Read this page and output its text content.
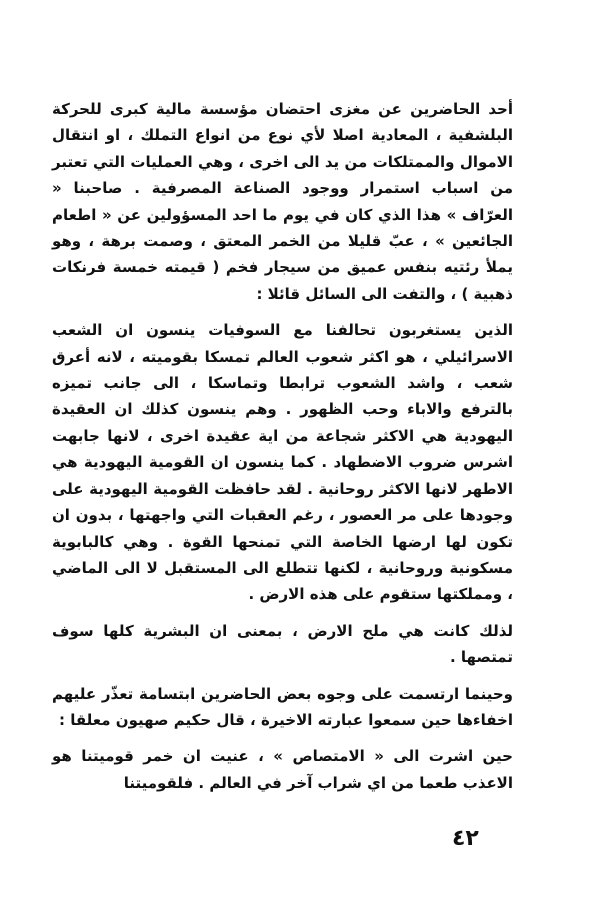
أحد الحاضرين عن مغزى احتضان مؤسسة مالية كبرى للحركة البلشفية ، المعادية اصلا لأي نوع من انواع التملك ، او انتقال الاموال والممتلكات من يد الى اخرى ، وهي العمليات التي تعتبر من اسباب استمرار ووجود الصناعة المصرفية . صاحبنا « العرّاف » هذا الذي كان في يوم ما احد المسؤولين عن « اطعام الجائعين » ، عبّ قليلا من الخمر المعتق ، وصمت برهة ، وهو يملأ رئتيه بنفس عميق من سيجار فخم ( قيمته خمسة فرنكات ذهبية ) ، والتفت الى السائل قائلا :

الذين يستغربون تحالفنا مع السوفيات ينسون ان الشعب الاسرائيلي ، هو اكثر شعوب العالم تمسكا بقوميته ، لانه أعرق شعب ، واشد الشعوب ترابطا وتماسكا ، الى جانب تميزه بالترفع والاباء وحب الظهور . وهم ينسون كذلك ان العقيدة اليهودية هي الاكثر شجاعة من اية عقيدة اخرى ، لانها جابهت اشرس ضروب الاضطهاد . كما ينسون ان القومية اليهودية هي الاطهر لانها الاكثر روحانية . لقد حافظت القومية اليهودية على وجودها على مر العصور ، رغم العقبات التي واجهتها ، بدون ان تكون لها ارضها الخاصة التي تمنحها القوة . وهي كالبابوية مسكونية وروحانية ، لكنها تتطلع الى المستقبل لا الى الماضي ، ومملكتها ستقوم على هذه الارض .

لذلك كانت هي ملح الارض ، بمعنى ان البشرية كلها سوف تمتصها .

وحينما ارتسمت على وجوه بعض الحاضرين ابتسامة تعذّر عليهم اخفاءها حين سمعوا عبارته الاخيرة ، قال حكيم صهيون معلقا :

حين اشرت الى « الامتصاص » ، عنيت ان خمر قوميتنا هو الاعذب طعما من اي شراب آخر في العالم . فلقوميتنا

٤٢
